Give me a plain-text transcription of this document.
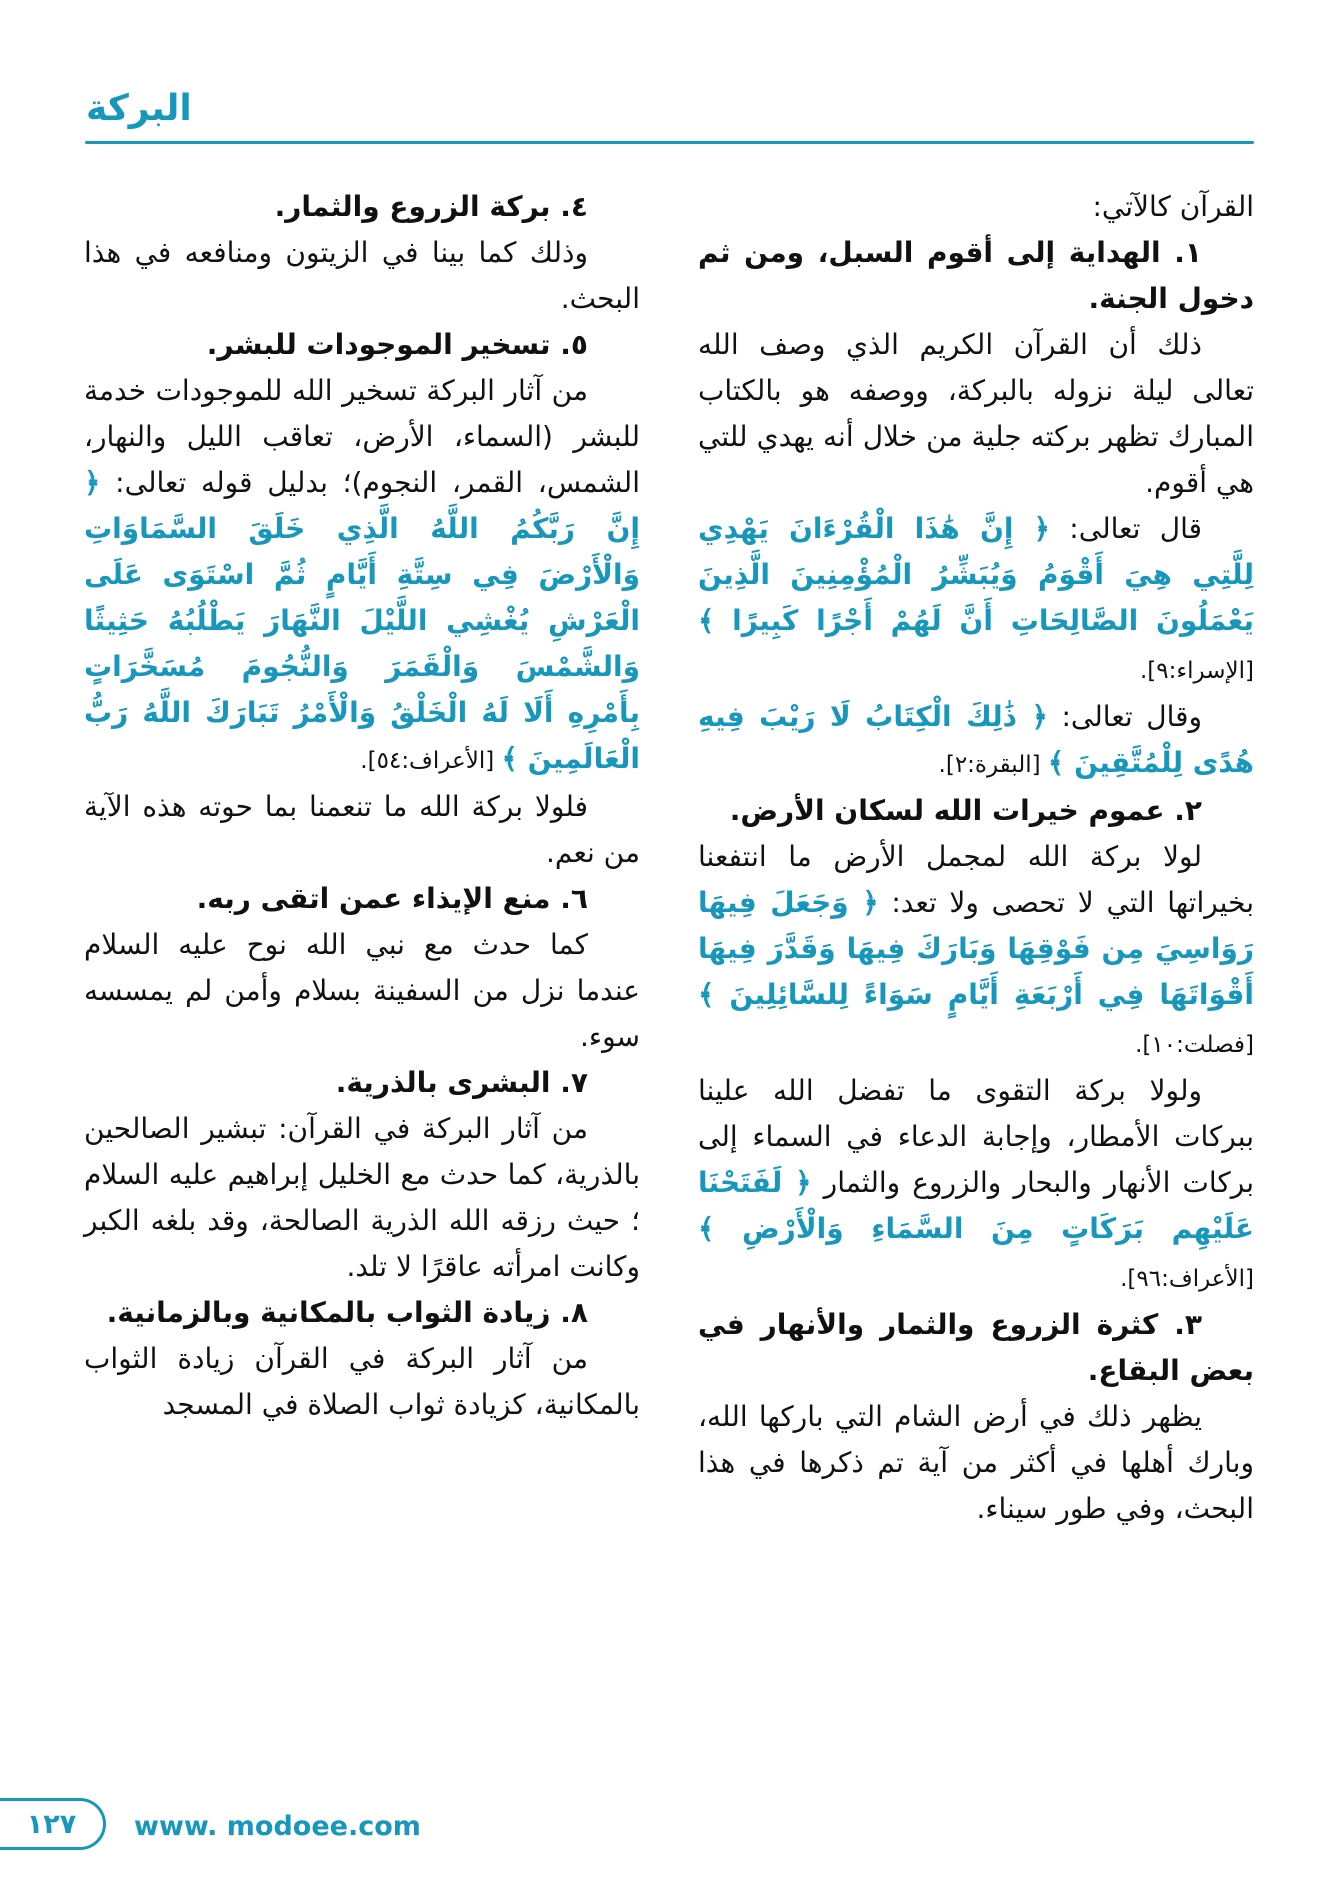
البركة

القرآن كالآتي:

١. الهداية إلى أقوم السبل، ومن ثم دخول الجنة.

ذلك أن القرآن الكريم الذي وصف الله تعالى ليلة نزوله بالبركة، ووصفه هو بالكتاب المبارك تظهر بركته جلية من خلال أنه يهدي للتي هي أقوم.

قال تعالى: ﴿ إِنَّ هَٰذَا الْقُرْءَانَ يَهْدِي لِلَّتِي هِيَ أَقْوَمُ وَيُبَشِّرُ الْمُؤْمِنِينَ الَّذِينَ يَعْمَلُونَ الصَّالِحَاتِ أَنَّ لَهُمْ أَجْرًا كَبِيرًا ﴾ [الإسراء:٩].

وقال تعالى: ﴿ ذَٰلِكَ الْكِتَابُ لَا رَيْبَ فِيهِ هُدًى لِلْمُتَّقِينَ ﴾ [البقرة:٢].

٢. عموم خيرات الله لسكان الأرض.

لولا بركة الله لمجمل الأرض ما انتفعنا بخيراتها التي لا تحصى ولا تعد: ﴿ وَجَعَلَ فِيهَا رَوَاسِيَ مِن فَوْقِهَا وَبَارَكَ فِيهَا وَقَدَّرَ فِيهَا أَقْوَاتَهَا فِي أَرْبَعَةِ أَيَّامٍ سَوَاءً لِلسَّائِلِينَ ﴾ [فصلت:١٠].

ولولا بركة التقوى ما تفضل الله علينا ببركات الأمطار، وإجابة الدعاء في السماء إلى بركات الأنهار والبحار والزروع والثمار ﴿ لَفَتَحْنَا عَلَيْهِم بَرَكَاتٍ مِنَ السَّمَاءِ وَالْأَرْضِ ﴾ [الأعراف:٩٦].

٣. كثرة الزروع والثمار والأنهار في بعض البقاع.

يظهر ذلك في أرض الشام التي باركها الله، وبارك أهلها في أكثر من آية تم ذكرها في هذا البحث، وفي طور سيناء.

٤. بركة الزروع والثمار.

وذلك كما بينا في الزيتون ومنافعه في هذا البحث.

٥. تسخير الموجودات للبشر.

من آثار البركة تسخير الله للموجودات خدمة للبشر (السماء، الأرض، تعاقب الليل والنهار، الشمس، القمر، النجوم)؛ بدليل قوله تعالى: ﴿ إِنَّ رَبَّكُمُ اللَّهُ الَّذِي خَلَقَ السَّمَاوَاتِ وَالْأَرْضَ فِي سِتَّةِ أَيَّامٍ ثُمَّ اسْتَوَى عَلَى الْعَرْشِ يُغْشِي اللَّيْلَ النَّهَارَ يَطْلُبُهُ حَثِيثًا وَالشَّمْسَ وَالْقَمَرَ وَالنُّجُومَ مُسَخَّرَاتٍ بِأَمْرِهِ أَلَا لَهُ الْخَلْقُ وَالْأَمْرُ تَبَارَكَ اللَّهُ رَبُّ الْعَالَمِينَ ﴾ [الأعراف:٥٤].

فلولا بركة الله ما تنعمنا بما حوته هذه الآية من نعم.

٦. منع الإيذاء عمن اتقى ربه.

كما حدث مع نبي الله نوح عليه السلام عندما نزل من السفينة بسلام وأمن لم يمسسه سوء.

٧. البشرى بالذرية.

من آثار البركة في القرآن: تبشير الصالحين بالذرية، كما حدث مع الخليل إبراهيم عليه السلام ؛ حيث رزقه الله الذرية الصالحة، وقد بلغه الكبر وكانت امرأته عاقرًا لا تلد.

٨. زيادة الثواب بالمكانية وبالزمانية.

من آثار البركة في القرآن زيادة الثواب بالمكانية، كزيادة ثواب الصلاة في المسجد

١٢٧ www. modoee.com
